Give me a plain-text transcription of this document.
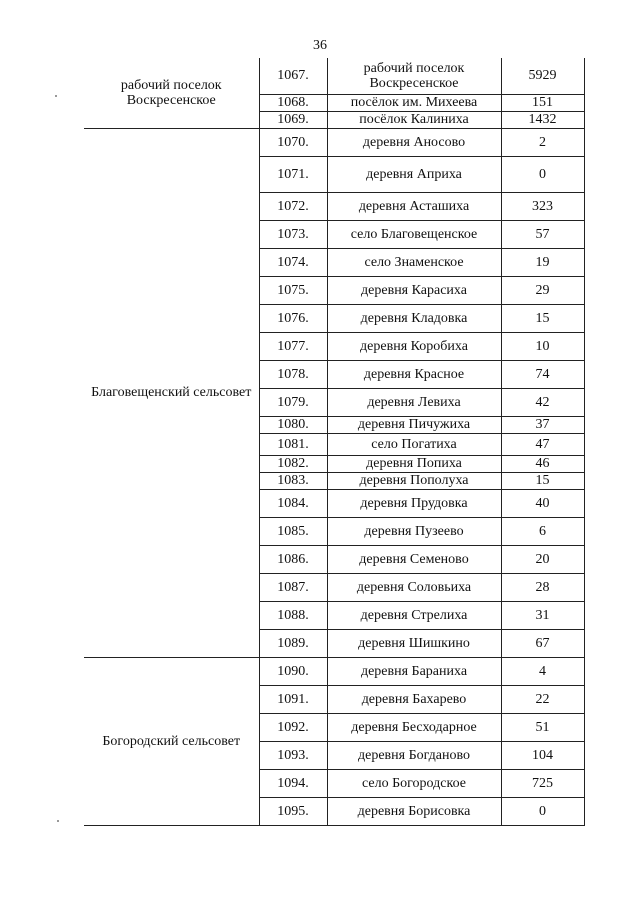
36
рабочий поселок Воскресенское	1067.	рабочий поселок Воскресенское	5929
	1068.	посёлок им. Михеева	151
	1069.	посёлок Калиниха	1432
Благовещенский сельсовет	1070.	деревня Аносово	2
	1071.	деревня Априха	0
	1072.	деревня Асташиха	323
	1073.	село Благовещенское	57
	1074.	село Знаменское	19
	1075.	деревня Карасиха	29
	1076.	деревня Кладовка	15
	1077.	деревня Коробиха	10
	1078.	деревня Красное	74
	1079.	деревня Левиха	42
	1080.	деревня Пичужиха	37
	1081.	село Погатиха	47
	1082.	деревня Попиха	46
	1083.	деревня Пополуха	15
	1084.	деревня Прудовка	40
	1085.	деревня Пузеево	6
	1086.	деревня Семеново	20
	1087.	деревня Соловьиха	28
	1088.	деревня Стрелиха	31
	1089.	деревня Шишкино	67
Богородский сельсовет	1090.	деревня Бараниха	4
	1091.	деревня Бахарево	22
	1092.	деревня Бесходарное	51
	1093.	деревня Богданово	104
	1094.	село Богородское	725
	1095.	деревня Борисовка	0
